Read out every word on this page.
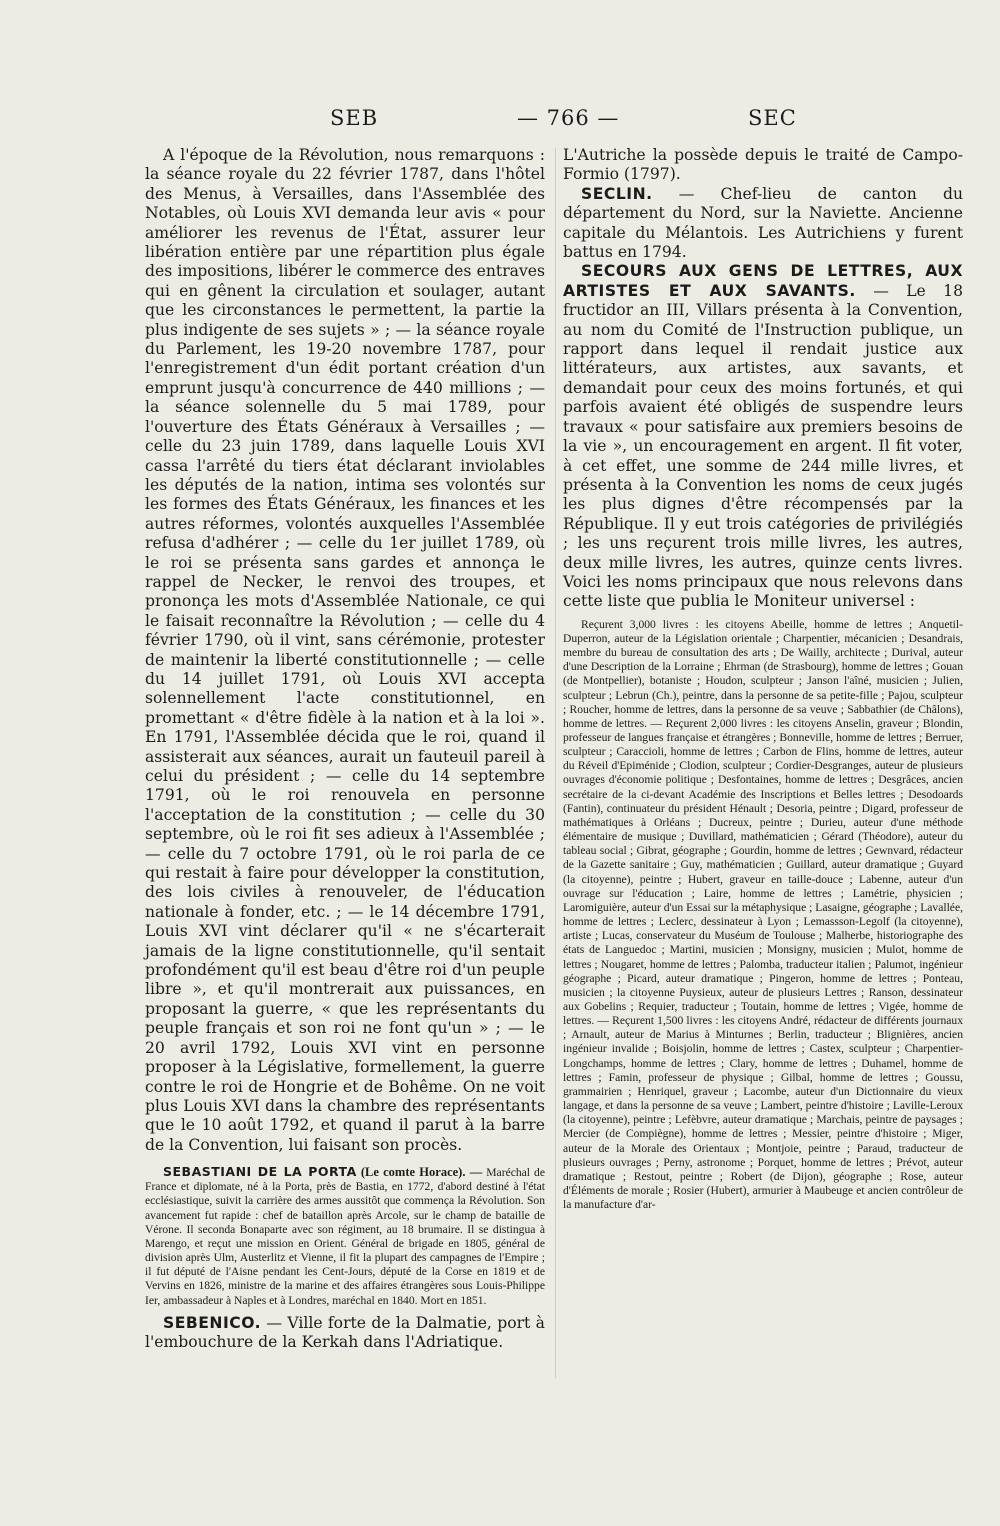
SEB	— 766 —	SEC

A l'époque de la Révolution, nous remarquons : la séance royale du 22 février 1787, dans l'hôtel des Menus, à Versailles, dans l'Assemblée des Notables, où Louis XVI demanda leur avis « pour améliorer les revenus de l'État, assurer leur libération entière par une répartition plus égale des impositions, libérer le commerce des entraves qui en gênent la circulation et soulager, autant que les circonstances le permettent, la partie la plus indigente de ses sujets » ; — la séance royale du Parlement, les 19-20 novembre 1787, pour l'enregistrement d'un édit portant création d'un emprunt jusqu'à concurrence de 440 millions ; — la séance solennelle du 5 mai 1789, pour l'ouverture des États Généraux à Versailles ; — celle du 23 juin 1789, dans laquelle Louis XVI cassa l'arrêté du tiers état déclarant inviolables les députés de la nation, intima ses volontés sur les formes des États Généraux, les finances et les autres réformes, volontés auxquelles l'Assemblée refusa d'adhérer ; — celle du 1er juillet 1789, où le roi se présenta sans gardes et annonça le rappel de Necker, le renvoi des troupes, et prononça les mots d'Assemblée Nationale, ce qui le faisait reconnaître la Révolution ; — celle du 4 février 1790, où il vint, sans cérémonie, protester de maintenir la liberté constitutionnelle ; — celle du 14 juillet 1791, où Louis XVI accepta solennellement l'acte constitutionnel, en promettant « d'être fidèle à la nation et à la loi ». En 1791, l'Assemblée décida que le roi, quand il assisterait aux séances, aurait un fauteuil pareil à celui du président ; — celle du 14 septembre 1791, où le roi renouvela en personne l'acceptation de la constitution ; — celle du 30 septembre, où le roi fit ses adieux à l'Assemblée ; — celle du 7 octobre 1791, où le roi parla de ce qui restait à faire pour développer la constitution, des lois civiles à renouveler, de l'éducation nationale à fonder, etc. ; — le 14 décembre 1791, Louis XVI vint déclarer qu'il « ne s'écarterait jamais de la ligne constitutionnelle, qu'il sentait profondément qu'il est beau d'être roi d'un peuple libre », et qu'il montrerait aux puissances, en proposant la guerre, « que les représentants du peuple français et son roi ne font qu'un » ; — le 20 avril 1792, Louis XVI vint en personne proposer à la Législative, formellement, la guerre contre le roi de Hongrie et de Bohême. On ne voit plus Louis XVI dans la chambre des représentants que le 10 août 1792, et quand il parut à la barre de la Convention, lui faisant son procès.

SEBASTIANI DE LA PORTA (Le comte Horace). — Maréchal de France et diplomate, né à la Porta, près de Bastia, en 1772, d'abord destiné à l'état ecclésiastique, suivit la carrière des armes aussitôt que commença la Révolution. Son avancement fut rapide : chef de bataillon après Arcole, sur le champ de bataille de Vérone. Il seconda Bonaparte avec son régiment, au 18 brumaire. Il se distingua à Marengo, et reçut une mission en Orient. Général de brigade en 1805, général de division après Ulm, Austerlitz et Vienne, il fit la plupart des campagnes de l'Empire ; il fut député de l'Aisne pendant les Cent-Jours, député de la Corse en 1819 et de Vervins en 1826, ministre de la marine et des affaires étrangères sous Louis-Philippe Ier, ambassadeur à Naples et à Londres, maréchal en 1840. Mort en 1851.

SEBENICO. — Ville forte de la Dalmatie, port à l'embouchure de la Kerkah dans l'Adriatique.

L'Autriche la possède depuis le traité de Campo-Formio (1797).

SECLIN. — Chef-lieu de canton du département du Nord, sur la Naviette. Ancienne capitale du Mélantois. Les Autrichiens y furent battus en 1794.

SECOURS AUX GENS DE LETTRES, AUX ARTISTES ET AUX SAVANTS. — Le 18 fructidor an III, Villars présenta à la Convention, au nom du Comité de l'Instruction publique, un rapport dans lequel il rendait justice aux littérateurs, aux artistes, aux savants, et demandait pour ceux des moins fortunés, et qui parfois avaient été obligés de suspendre leurs travaux « pour satisfaire aux premiers besoins de la vie », un encouragement en argent. Il fit voter, à cet effet, une somme de 244 mille livres, et présenta à la Convention les noms de ceux jugés les plus dignes d'être récompensés par la République. Il y eut trois catégories de privilégiés ; les uns reçurent trois mille livres, les autres, deux mille livres, les autres, quinze cents livres. Voici les noms principaux que nous relevons dans cette liste que publia le Moniteur universel :

Reçurent 3,000 livres : les citoyens Abeille, homme de lettres ; Anquetil-Duperron, auteur de la Législation orientale ; Charpentier, mécanicien ; Desandrais, membre du bureau de consultation des arts ; De Wailly, architecte ; Durival, auteur d'une Description de la Lorraine ; Ehrman (de Strasbourg), homme de lettres ; Gouan (de Montpellier), botaniste ; Houdon, sculpteur ; Janson l'aîné, musicien ; Julien, sculpteur ; Lebrun (Ch.), peintre, dans la personne de sa petite-fille ; Pajou, sculpteur ; Roucher, homme de lettres, dans la personne de sa veuve ; Sabbathier (de Châlons), homme de lettres. — Reçurent 2,000 livres : les citoyens Anselin, graveur ; Blondin, professeur de langues française et étrangères ; Bonneville, homme de lettres ; Berruer, sculpteur ; Caraccioli, homme de lettres ; Carbon de Flins, homme de lettres, auteur du Réveil d'Epiménide ; Clodion, sculpteur ; Cordier-Desgranges, auteur de plusieurs ouvrages d'économie politique ; Desfontaines, homme de lettres ; Desgrâces, ancien secrétaire de la ci-devant Académie des Inscriptions et Belles lettres ; Desodoards (Fantin), continuateur du président Hénault ; Desoria, peintre ; Digard, professeur de mathématiques à Orléans ; Ducreux, peintre ; Durieu, auteur d'une méthode élémentaire de musique ; Duvillard, mathématicien ; Gérard (Théodore), auteur du tableau social ; Gibrat, géographe ; Gourdin, homme de lettres ; Gewnvard, rédacteur de la Gazette sanitaire ; Guy, mathématicien ; Guillard, auteur dramatique ; Guyard (la citoyenne), peintre ; Hubert, graveur en taille-douce ; Labenne, auteur d'un ouvrage sur l'éducation ; Laire, homme de lettres ; Lamétrie, physicien ; Laromiguière, auteur d'un Essai sur la métaphysique ; Lasaigne, géographe ; Lavallée, homme de lettres ; Leclerc, dessinateur à Lyon ; Lemassson-Legolf (la citoyenne), artiste ; Lucas, conservateur du Muséum de Toulouse ; Malherbe, historiographe des états de Languedoc ; Martini, musicien ; Monsigny, musicien ; Mulot, homme de lettres ; Nougaret, homme de lettres ; Palomba, traducteur italien ; Palumot, ingénieur géographe ; Picard, auteur dramatique ; Pingeron, homme de lettres ; Ponteau, musicien ; la citoyenne Puysieux, auteur de plusieurs Lettres ; Ranson, dessinateur aux Gobelins ; Requier, traducteur ; Toutain, homme de lettres ; Vigée, homme de lettres. — Reçurent 1,500 livres : les citoyens André, rédacteur de différents journaux ; Arnault, auteur de Marius à Minturnes ; Berlin, traducteur ; Blignières, ancien ingénieur invalide ; Boisjolin, homme de lettres ; Castex, sculpteur ; Charpentier-Longchamps, homme de lettres ; Clary, homme de lettres ; Duhamel, homme de lettres ; Famin, professeur de physique ; Gilbal, homme de lettres ; Goussu, grammairien ; Henriquel, graveur ; Lacombe, auteur d'un Dictionnaire du vieux langage, et dans la personne de sa veuve ; Lambert, peintre d'histoire ; Laville-Leroux (la citoyenne), peintre ; Lefèbvre, auteur dramatique ; Marchais, peintre de paysages ; Mercier (de Compiègne), homme de lettres ; Messier, peintre d'histoire ; Miger, auteur de la Morale des Orientaux ; Montjoie, peintre ; Paraud, traducteur de plusieurs ouvrages ; Perny, astronome ; Porquet, homme de lettres ; Prévot, auteur dramatique ; Restout, peintre ; Robert (de Dijon), géographe ; Rose, auteur d'Éléments de morale ; Rosier (Hubert), armurier à Maubeuge et ancien contrôleur de la manufacture d'ar-
